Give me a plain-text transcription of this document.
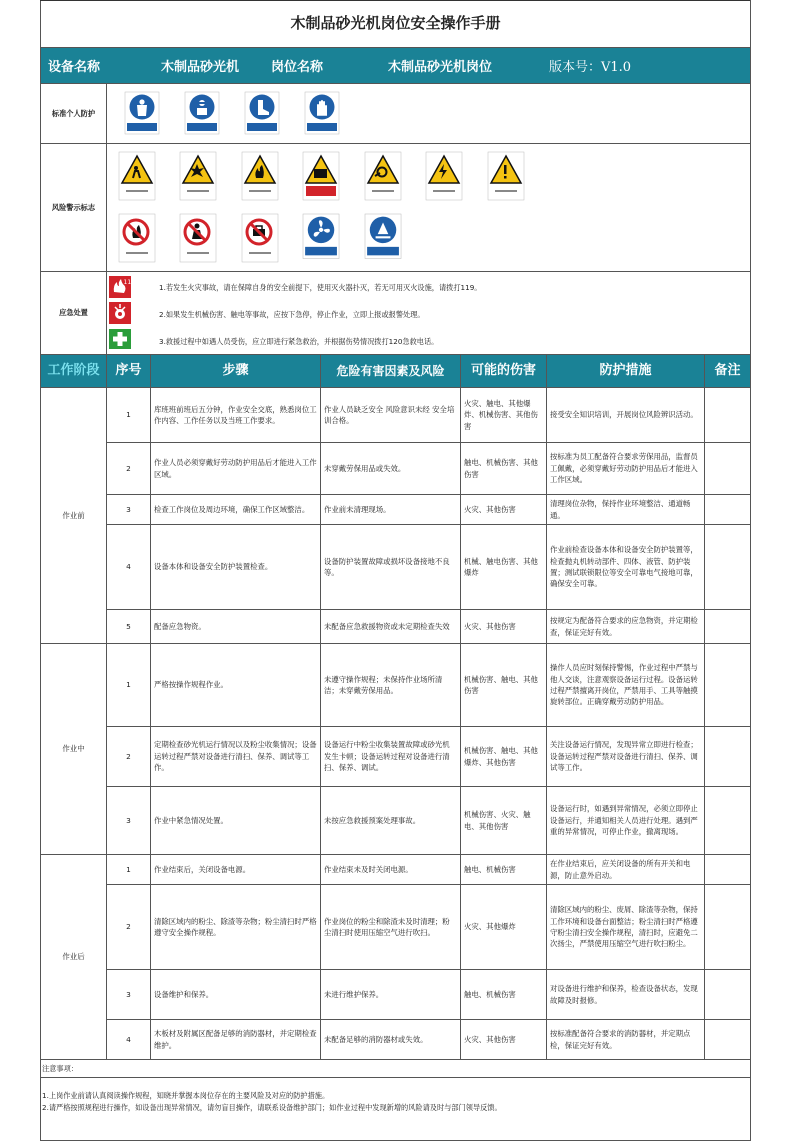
木制品砂光机岗位安全操作手册						

设备名称 木制品砂光机 岗位名称 木制品砂光机岗位 版本号：V1.0						

标准个人防护	

风险警示标志	

应急处置	119
1.若发生火灾事故，请在保障自身的安全前提下，使用灭火器扑灭，若无可用灭火设施，请拨打119。
2.如果发生机械伤害、触电等事故，应按下急停，停止作业，立即上报或报警处理。
3.救援过程中如遇人员受伤，应立即进行紧急救治，并根据伤势情况拨打120急救电话。					

工作阶段	序号	步骤	危险有害因素及风险	可能的伤害	防护措施	备注
作业前	1	库班班前班后五分钟，作业安全交底，熟悉岗位工作内容、工作任务以及当班工作要求。	作业人员缺乏安全 风险意识未经 安全培训合格。	火灾、触电、其他爆炸、机械伤害、其他伤害	接受安全知识培训，开展岗位风险辨识活动。	
	2	作业人员必须穿戴好劳动防护用品后才能进入工作区域。	未穿戴劳保用品或失效。	触电、机械伤害、其他伤害	按标准为员工配备符合要求劳保用品，监督员工佩戴，必须穿戴好劳动防护用品后才能进入工作区域。	
	3	检查工作岗位及周边环境，确保工作区域整洁。	作业前未清理现场。	火灾、其他伤害	清理岗位杂物，保持作业环境整洁、通道畅通。	
	4	设备本体和设备安全防护装置检查。	设备防护装置故障或损坏设备接地不良等。	机械、触电伤害、其他爆炸	作业前检查设备本体和设备安全防护装置等，检查抛丸机转动部件、四体、液管、防护装置；测试联锁限位等安全可靠电气接地可靠，确保安全可靠。	
	5	配备应急物资。	未配备应急救援物资或未定期检查失效	火灾、其他伤害	按规定为配备符合要求的应急物资，并定期检查，保证完好有效。	
作业中	1	严格按操作规程作业。	未遵守操作规程；未保持作业场所清洁；未穿戴劳保用品。	机械伤害、触电、其他伤害	操作人员应时刻保持警惕，作业过程中严禁与他人交谈，注意观察设备运行过程。设备运转过程严禁擅离开岗位，严禁用手、工具等触摸旋转部位。正确穿戴劳动防护用品。	
	2	定期检查砂光机运行情况以及粉尘收集情况；设备运转过程严禁对设备进行清扫、保养、调试等工作。	设备运行中粉尘收集装置故障或砂光机发生卡顿；设备运转过程对设备进行清扫、保养、调试。	机械伤害、触电、其他爆炸、其他伤害	关注设备运行情况，发现异常立即进行检查；设备运转过程严禁对设备进行清扫、保养、调试等工作。	
	3	作业中紧急情况处置。	未按应急救援预案处理事故。	机械伤害、火灾、触电、其他伤害	设备运行时，如遇到异常情况，必须立即停止设备运行，并通知相关人员进行处理。遇到严重的异常情况，可停止作业，撤离现场。	
作业后	1	作业结束后，关闭设备电源。	作业结束未及时关闭电源。	触电、机械伤害	在作业结束后，应关闭设备的所有开关和电源，防止意外启动。	
	2	清除区域内的粉尘、除渣等杂物；粉尘清扫时严格遵守安全操作规程。	作业岗位的粉尘和除渣未及时清理；粉尘清扫时使用压缩空气进行吹扫。	火灾、其他爆炸	清除区域内的粉尘、废屑、除渣等杂物，保持工作环境和设备台面整洁；粉尘清扫时严格遵守粉尘清扫安全操作规程，清扫时，应避免二次扬尘，严禁使用压缩空气进行吹扫粉尘。	
	3	设备维护和保养。	未进行维护保养。	触电、机械伤害	对设备进行维护和保养，检查设备状态，发现故障及时报修。	
	4	木板材及附属区配备足够的消防器材，并定期检查维护。	未配备足够的消防器材或失效。	火灾、其他伤害	按标准配备符合要求的消防器材，并定期点检，保证完好有效。	
注意事项：						

1.上岗作业前请认真阅读操作规程，知晓并掌握本岗位存在的主要风险及对应的防护措施。
2.请严格按照规程进行操作，如设备出现异常情况，请勿盲目操作，请联系设备维护部门；如作业过程中发现新增的风险请及时与部门领导反馈。						
